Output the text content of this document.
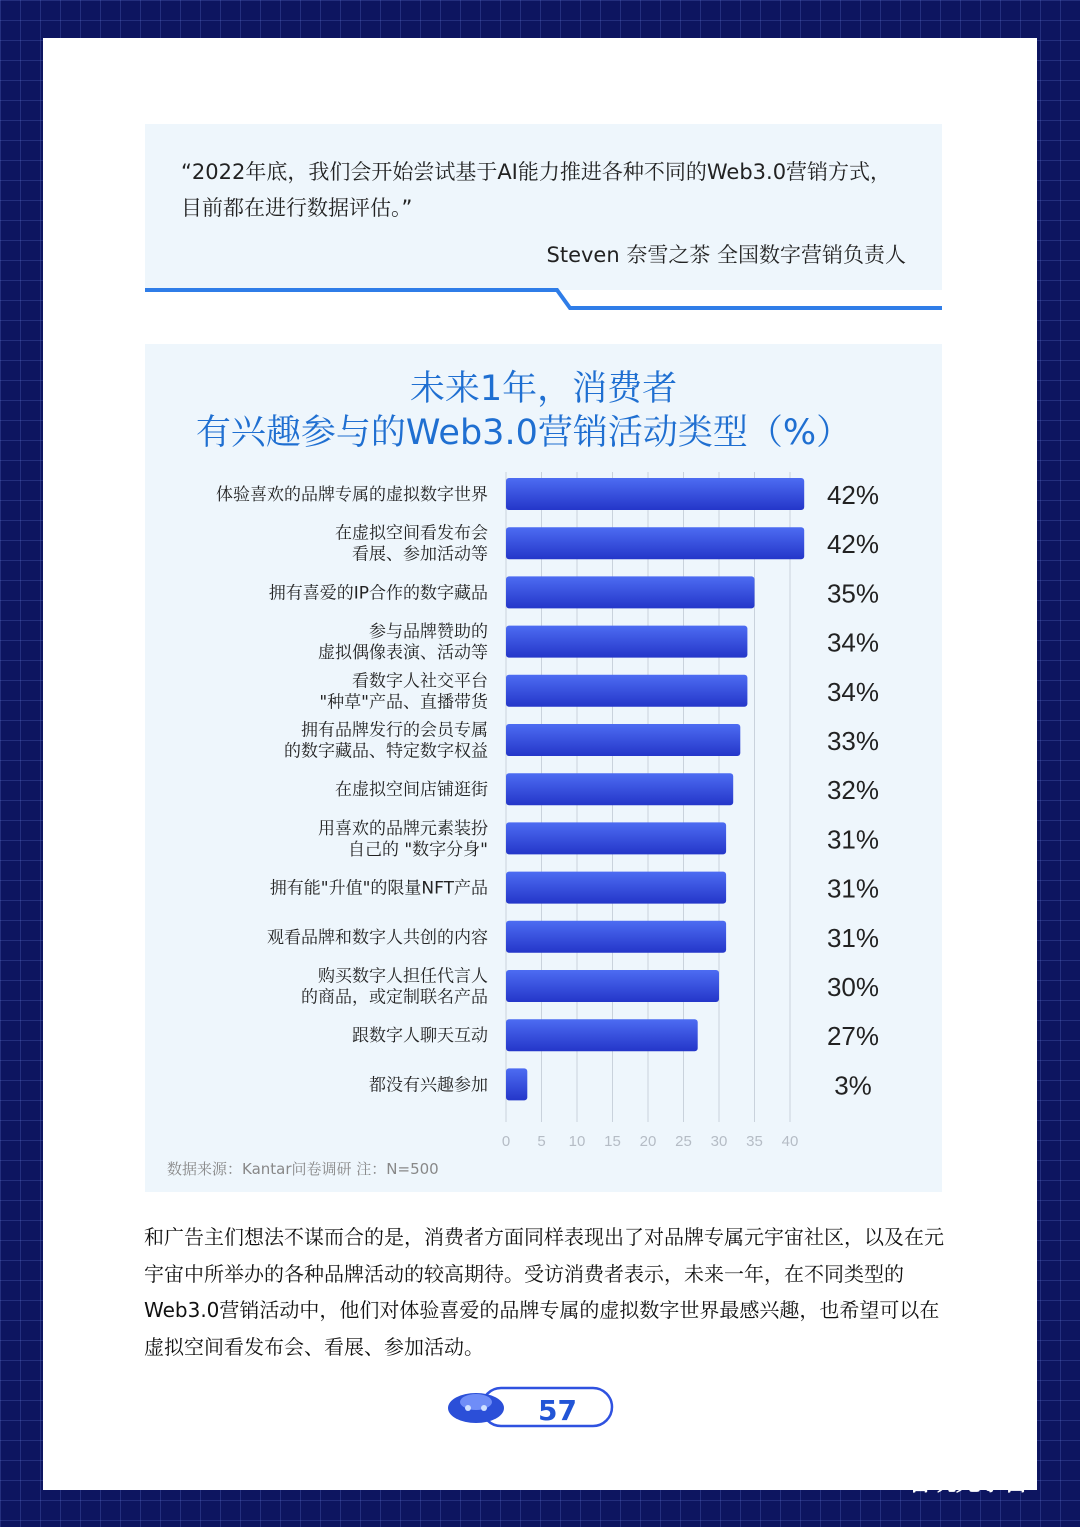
“2022年底，我们会开始尝试基于AI能力推进各种不同的Web3.0营销方式，目前都在进行数据评估。”
Steven 奈雪之茶 全国数字营销负责人
未来1年，消费者
有兴趣参与的Web3.0营销活动类型（%）
0 5 10 15 20 25 30 35 40
体验喜欢的品牌专属的虚拟数字世界	42%
在虚拟空间看发布会
看展、参加活动等	42%
拥有喜爱的IP合作的数字藏品	35%
参与品牌赞助的
虚拟偶像表演、活动等	34%
看数字人社交平台
"种草"产品、直播带货	34%
拥有品牌发行的会员专属
的数字藏品、特定数字权益	33%
在虚拟空间店铺逛街	32%
用喜欢的品牌元素装扮
自己的 "数字分身"	31%
拥有能"升值"的限量NFT产品	31%
观看品牌和数字人共创的内容	31%
购买数字人担任代言人
的商品，或定制联名产品	30%
跟数字人聊天互动	27%
都没有兴趣参加	3%
数据来源：Kantar问卷调研 注：N=500
和广告主们想法不谋而合的是，消费者方面同样表现出了对品牌专属元宇宙社区，以及在元宇宙中所举办的各种品牌活动的较高期待。受访消费者表示，未来一年，在不同类型的Web3.0营销活动中，他们对体验喜爱的品牌专属的虚拟数字世界最感兴趣，也希望可以在虚拟空间看发布会、看展、参加活动。
57
智玩元宇宙
